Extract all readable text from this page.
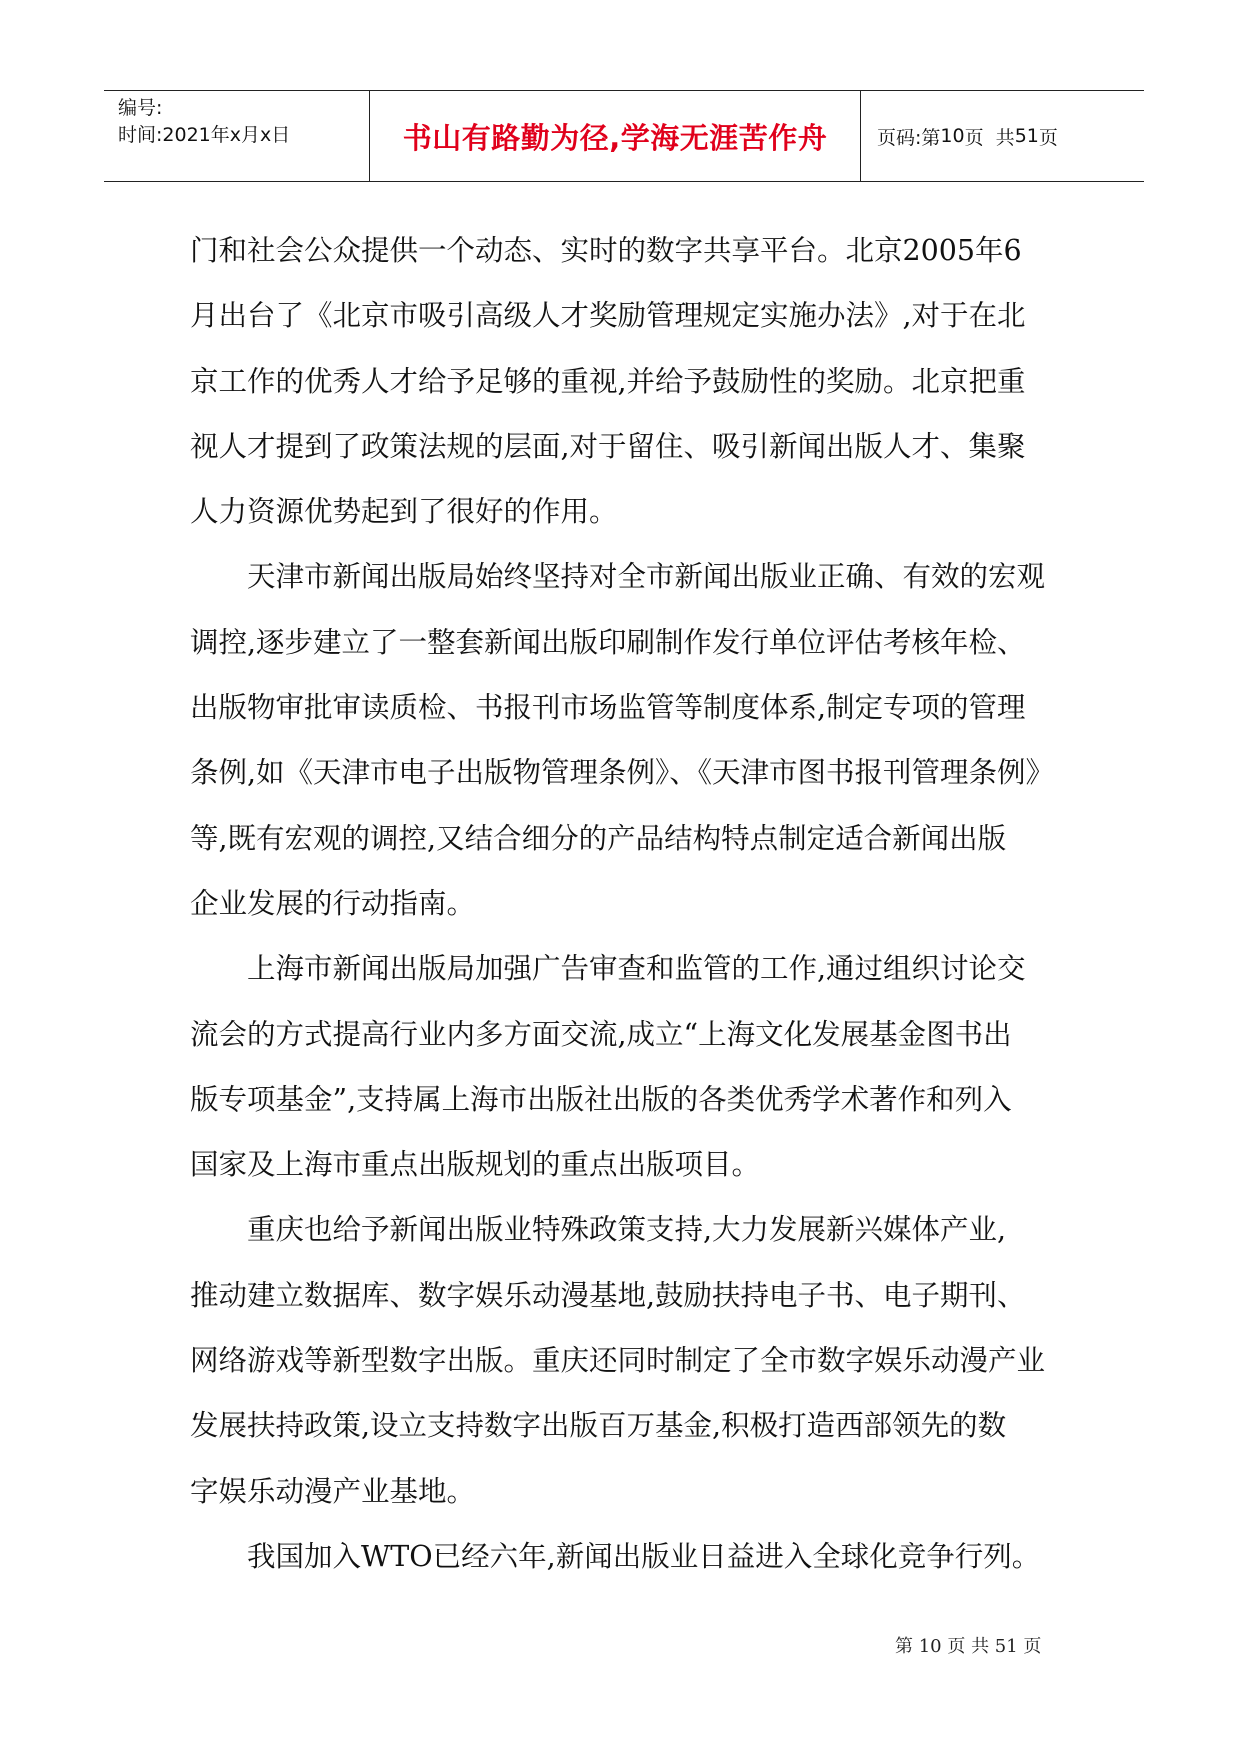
编号:
时间:2021年x月x日	书山有路勤为径,学海无涯苦作舟	页码:第 10 页  共 51 页
门和社会公众提供一个动态、实时的数字共享平台。北京2005年6
月出台了《北京市吸引高级人才奖励管理规定实施办法》,对于在北
京工作的优秀人才给予足够的重视,并给予鼓励性的奖励。北京把重
视人才提到了政策法规的层面,对于留住、吸引新闻出版人才、集聚
人力资源优势起到了很好的作用。
天津市新闻出版局始终坚持对全市新闻出版业正确、有效的宏观
调控,逐步建立了一整套新闻出版印刷制作发行单位评估考核年检、
出版物审批审读质检、书报刊市场监管等制度体系,制定专项的管理
条例,如《天津市电子出版物管理条例》、《天津市图书报刊管理条例》
等,既有宏观的调控,又结合细分的产品结构特点制定适合新闻出版
企业发展的行动指南。
上海市新闻出版局加强广告审查和监管的工作,通过组织讨论交
流会的方式提高行业内多方面交流,成立“上海文化发展基金图书出
版专项基金”,支持属上海市出版社出版的各类优秀学术著作和列入
国家及上海市重点出版规划的重点出版项目。
重庆也给予新闻出版业特殊政策支持,大力发展新兴媒体产业,
推动建立数据库、数字娱乐动漫基地,鼓励扶持电子书、电子期刊、
网络游戏等新型数字出版。重庆还同时制定了全市数字娱乐动漫产业
发展扶持政策,设立支持数字出版百万基金,积极打造西部领先的数
字娱乐动漫产业基地。
我国加入WTO已经六年,新闻出版业日益进入全球化竞争行列。
第 10 页 共 51 页
